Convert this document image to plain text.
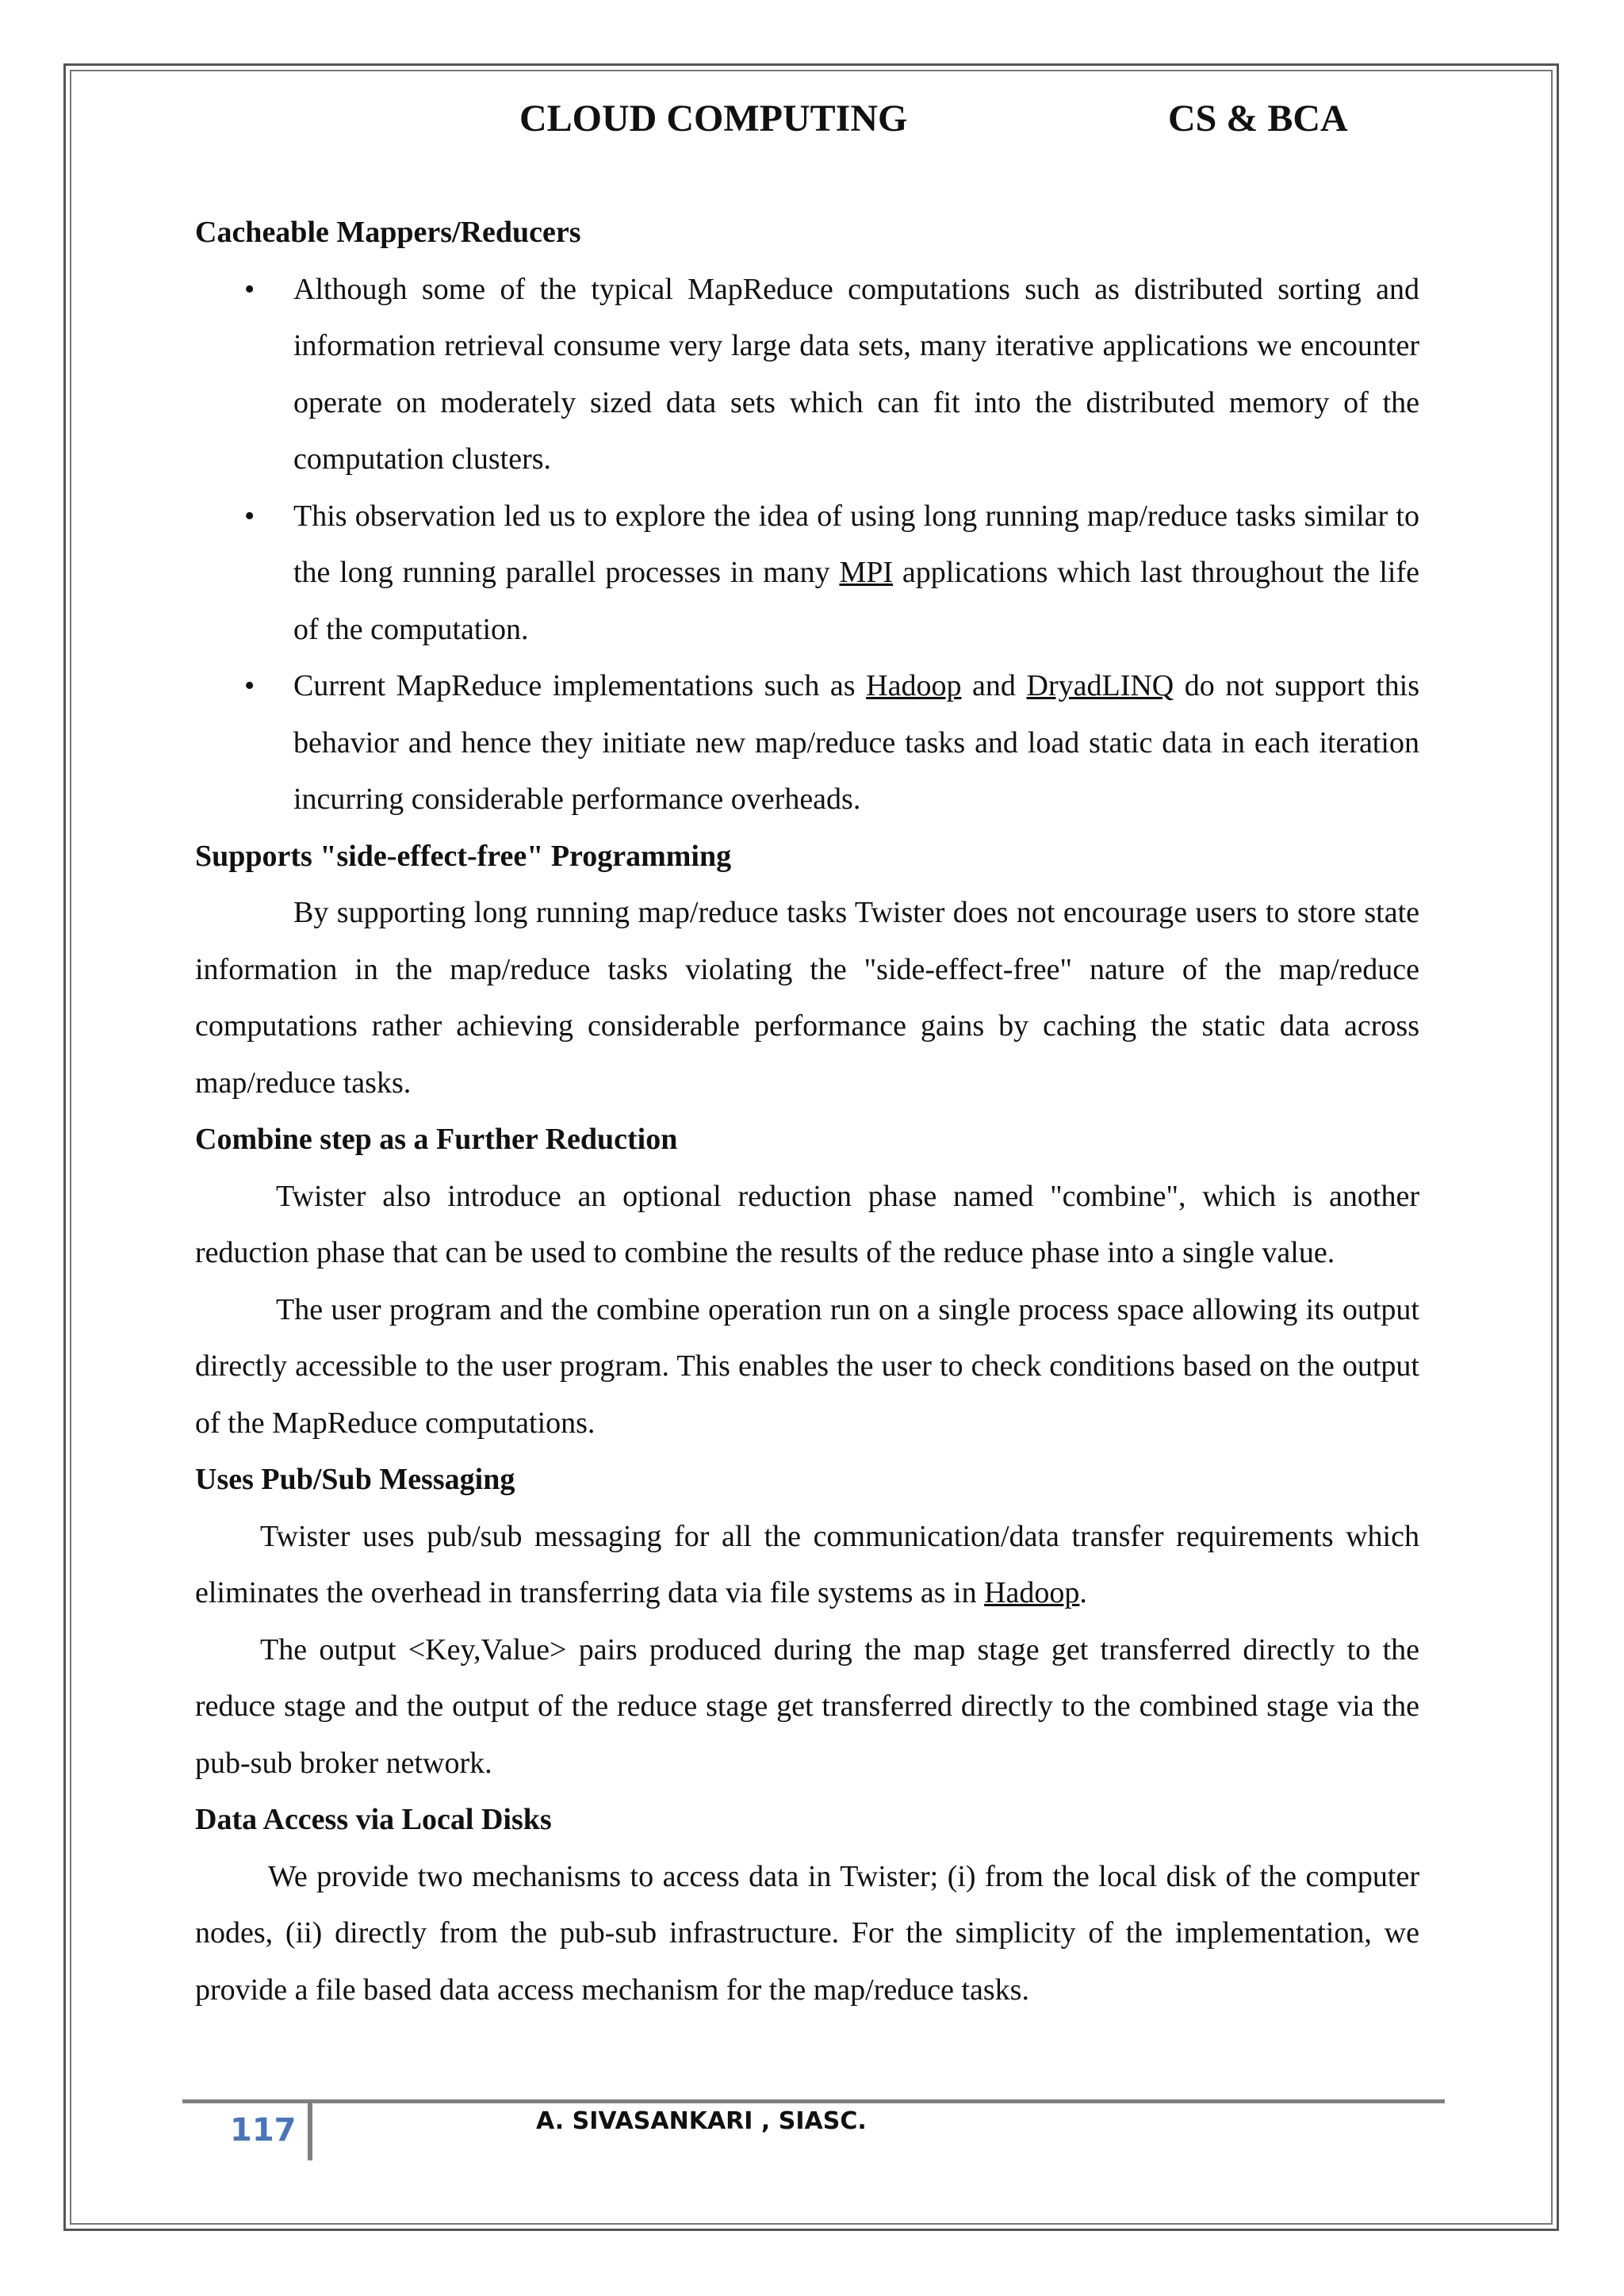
CLOUD COMPUTING	CS & BCA
Cacheable Mappers/Reducers
• Although some of the typical MapReduce computations such as distributed sorting and information retrieval consume very large data sets, many iterative applications we encounter operate on moderately sized data sets which can fit into the distributed memory of the computation clusters.
• This observation led us to explore the idea of using long running map/reduce tasks similar to the long running parallel processes in many MPI applications which last throughout the life of the computation.
• Current MapReduce implementations such as Hadoop and DryadLINQ do not support this behavior and hence they initiate new map/reduce tasks and load static data in each iteration incurring considerable performance overheads.
Supports "side-effect-free" Programming

By supporting long running map/reduce tasks Twister does not encourage users to store state information in the map/reduce tasks violating the "side-effect-free" nature of the map/reduce computations rather achieving considerable performance gains by caching the static data across map/reduce tasks.

Combine step as a Further Reduction

Twister also introduce an optional reduction phase named "combine", which is another reduction phase that can be used to combine the results of the reduce phase into a single value.

The user program and the combine operation run on a single process space allowing its output directly accessible to the user program. This enables the user to check conditions based on the output of the MapReduce computations.

Uses Pub/Sub Messaging

Twister uses pub/sub messaging for all the communication/data transfer requirements which eliminates the overhead in transferring data via file systems as in Hadoop.

The output <Key,Value> pairs produced during the map stage get transferred directly to the reduce stage and the output of the reduce stage get transferred directly to the combined stage via the pub-sub broker network.

Data Access via Local Disks

We provide two mechanisms to access data in Twister; (i) from the local disk of the computer nodes, (ii) directly from the pub-sub infrastructure. For the simplicity of the implementation, we provide a file based data access mechanism for the map/reduce tasks.

117	A. SIVASANKARI , SIASC.
